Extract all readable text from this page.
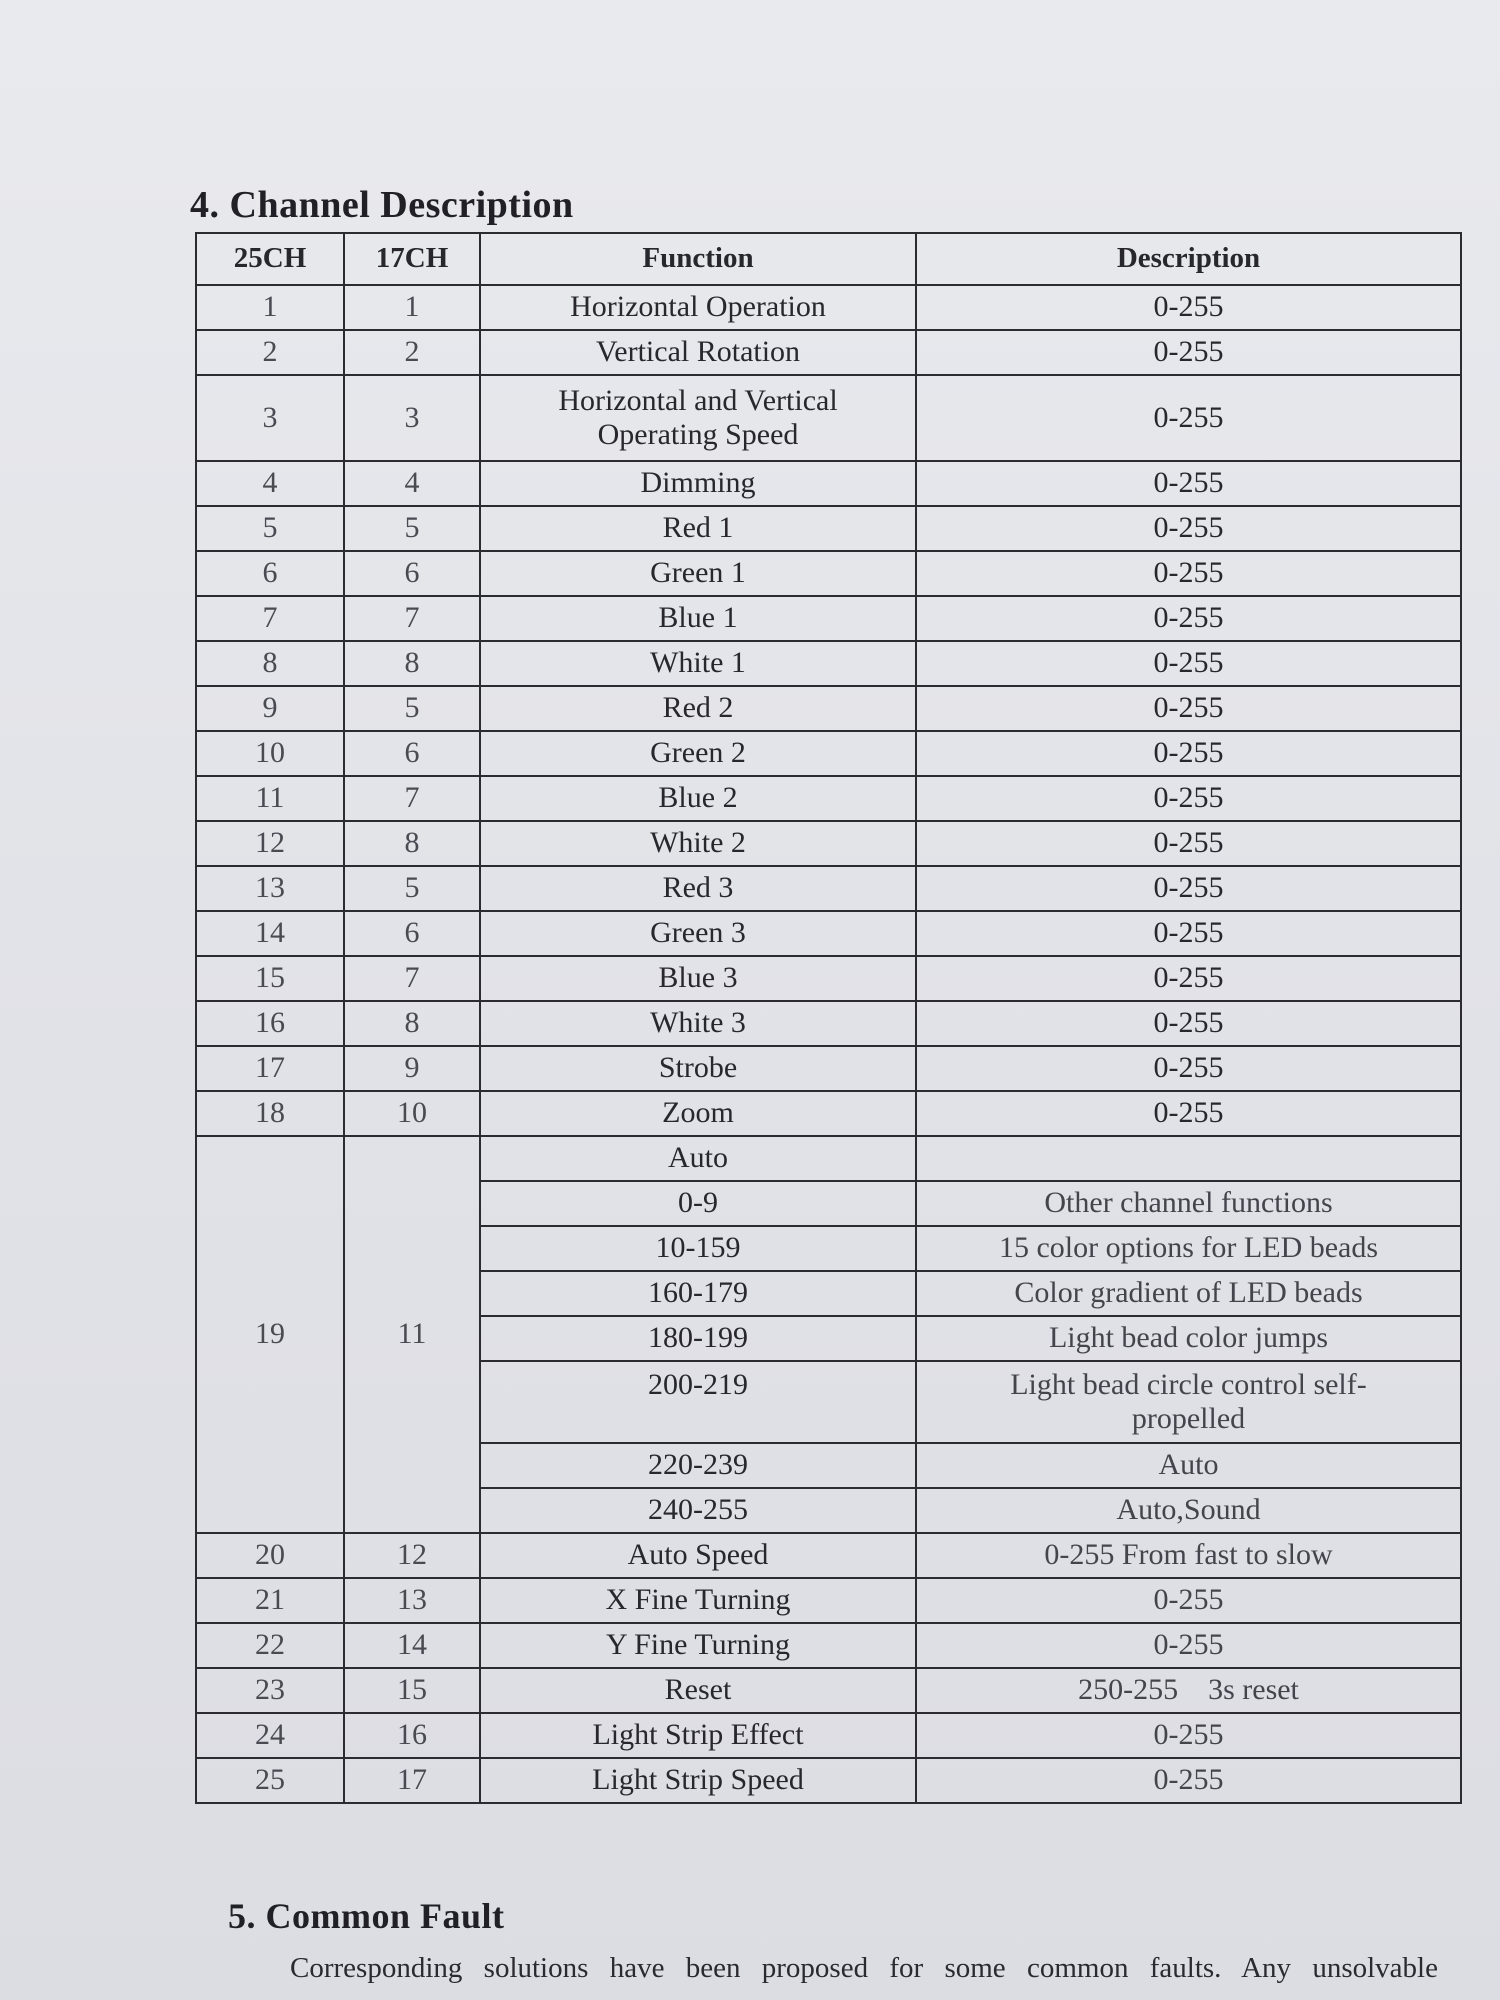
4. Channel Description
25CH	17CH	Function	Description
1	1	Horizontal Operation	0-255
2	2	Vertical Rotation	0-255
3	3	Horizontal and Vertical Operating Speed	0-255
4	4	Dimming	0-255
5	5	Red 1	0-255
6	6	Green 1	0-255
7	7	Blue 1	0-255
8	8	White 1	0-255
9	5	Red 2	0-255
10	6	Green 2	0-255
11	7	Blue 2	0-255
12	8	White 2	0-255
13	5	Red 3	0-255
14	6	Green 3	0-255
15	7	Blue 3	0-255
16	8	White 3	0-255
17	9	Strobe	0-255
18	10	Zoom	0-255
19	11	Auto	
		0-9	Other channel functions
		10-159	15 color options for LED beads
		160-179	Color gradient of LED beads
		180-199	Light bead color jumps
		200-219	Light bead circle control self-propelled
		220-239	Auto
		240-255	Auto,Sound
20	12	Auto Speed	0-255 From fast to slow
21	13	X Fine Turning	0-255
22	14	Y Fine Turning	0-255
23	15	Reset	250-255    3s reset
24	16	Light Strip Effect	0-255
25	17	Light Strip Speed	0-255
5. Common Fault
Corresponding solutions have been proposed for some common faults. Any unsolvable
